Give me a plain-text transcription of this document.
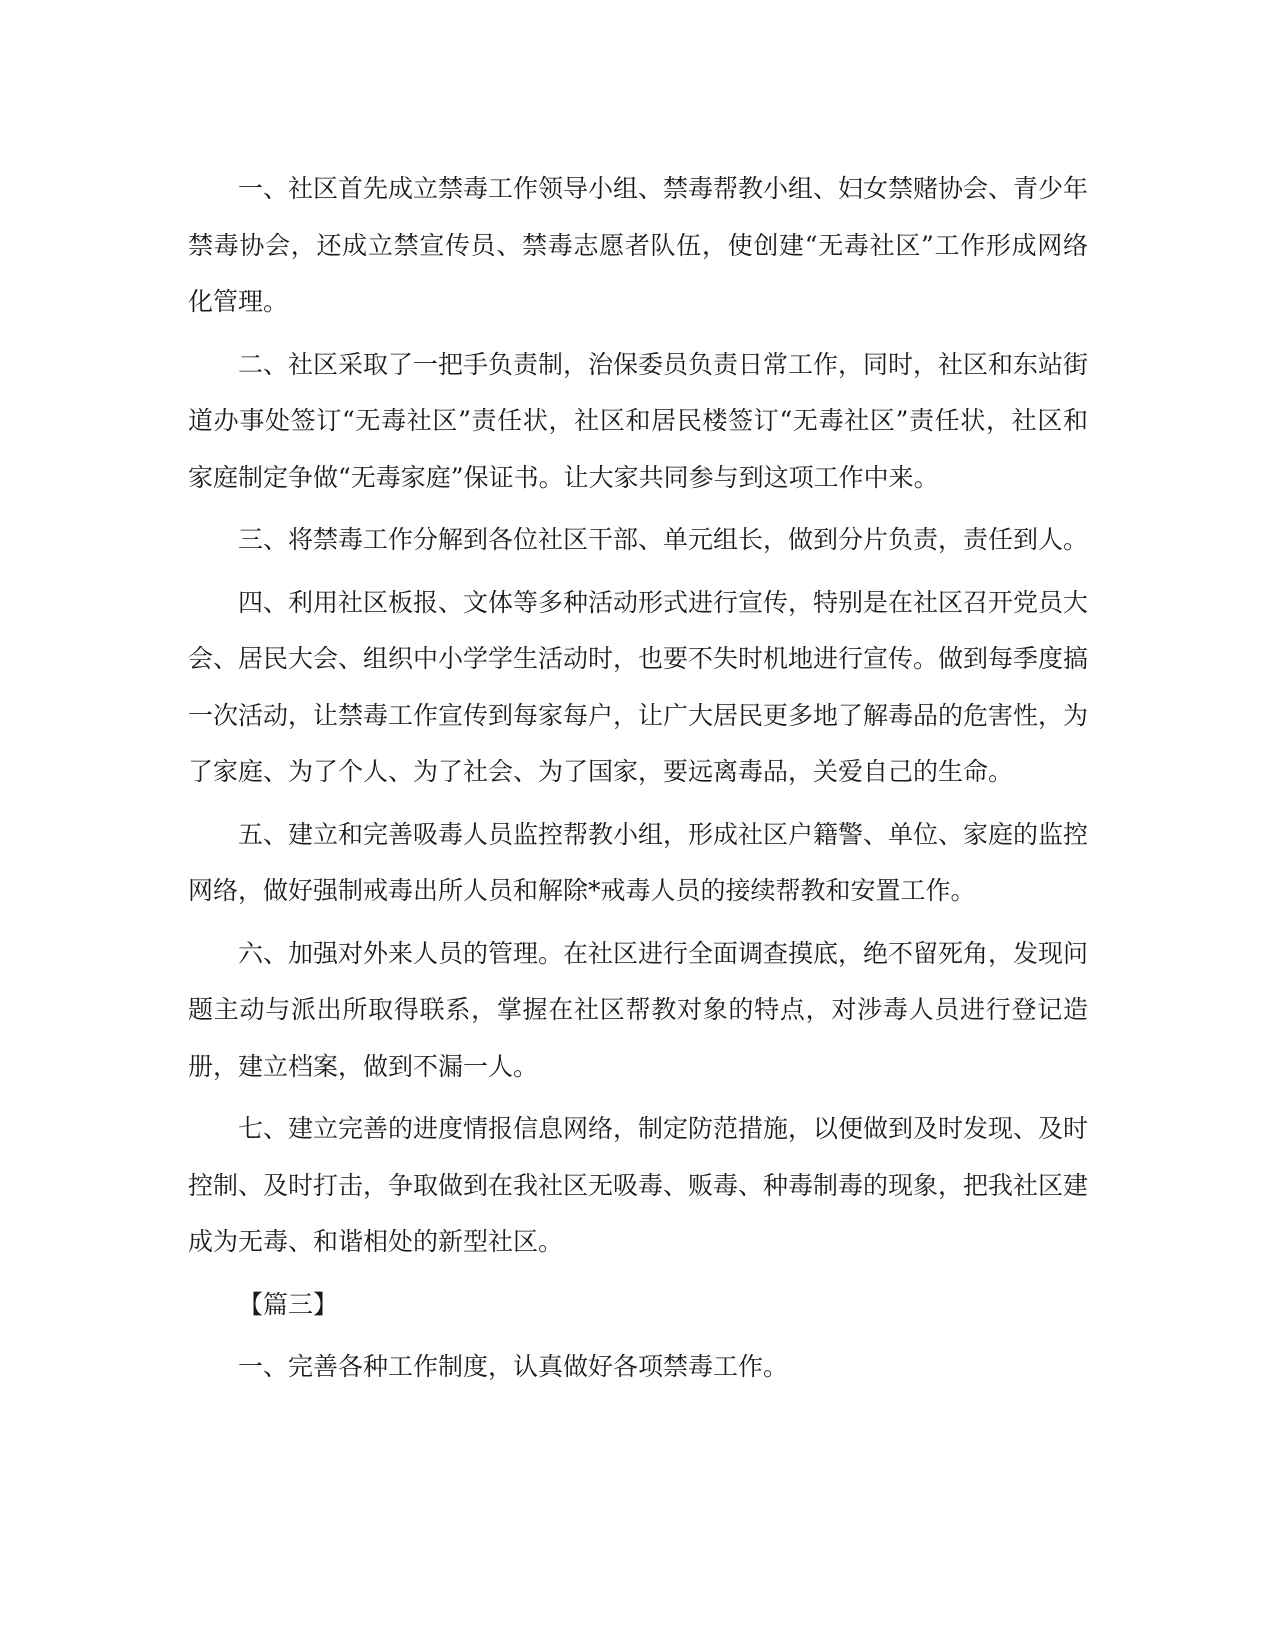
一、社区首先成立禁毒工作领导小组、禁毒帮教小组、妇女禁赌协会、青少年禁毒协会，还成立禁宣传员、禁毒志愿者队伍，使创建“无毒社区”工作形成网络化管理。

二、社区采取了一把手负责制，治保委员负责日常工作，同时，社区和东站街道办事处签订“无毒社区”责任状，社区和居民楼签订“无毒社区”责任状，社区和家庭制定争做“无毒家庭”保证书。让大家共同参与到这项工作中来。

三、将禁毒工作分解到各位社区干部、单元组长，做到分片负责，责任到人。

四、利用社区板报、文体等多种活动形式进行宣传，特别是在社区召开党员大会、居民大会、组织中小学学生活动时，也要不失时机地进行宣传。做到每季度搞一次活动，让禁毒工作宣传到每家每户，让广大居民更多地了解毒品的危害性，为了家庭、为了个人、为了社会、为了国家，要远离毒品，关爱自己的生命。

五、建立和完善吸毒人员监控帮教小组，形成社区户籍警、单位、家庭的监控网络，做好强制戒毒出所人员和解除*戒毒人员的接续帮教和安置工作。

六、加强对外来人员的管理。在社区进行全面调查摸底，绝不留死角，发现问题主动与派出所取得联系，掌握在社区帮教对象的特点，对涉毒人员进行登记造册，建立档案，做到不漏一人。

七、建立完善的进度情报信息网络，制定防范措施，以便做到及时发现、及时控制、及时打击，争取做到在我社区无吸毒、贩毒、种毒制毒的现象，把我社区建成为无毒、和谐相处的新型社区。

【篇三】

一、完善各种工作制度，认真做好各项禁毒工作。
